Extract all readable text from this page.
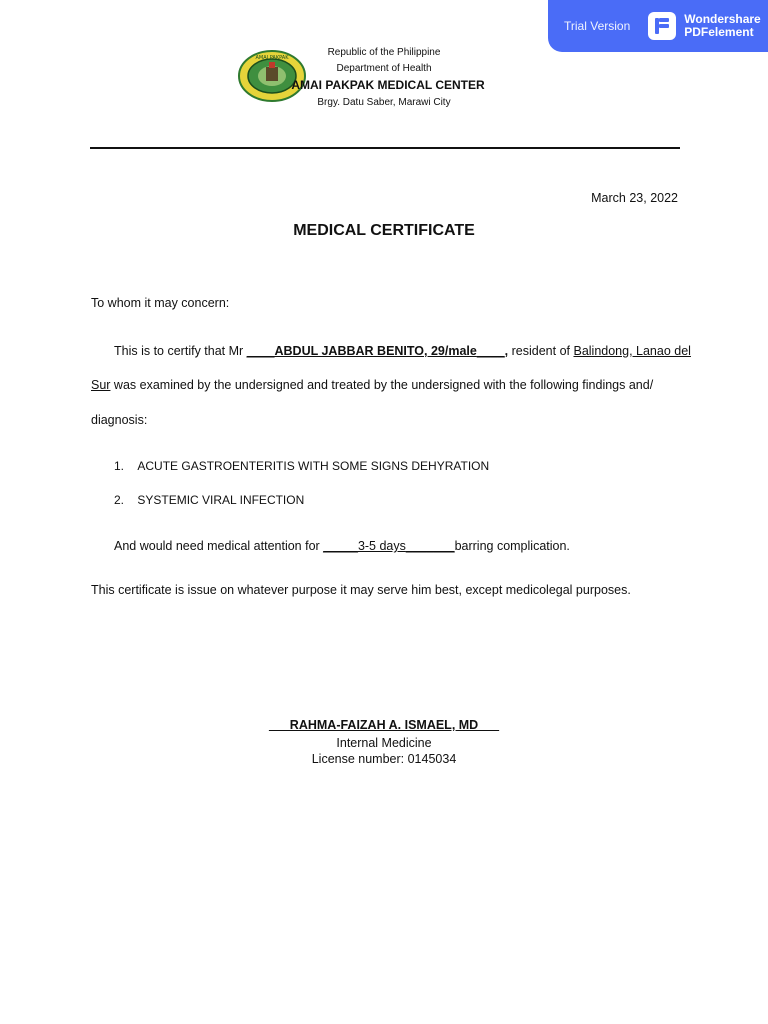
Trial Version	Wondershare
PDFelement
AMAI PAKPAK	Republic of the Philippine
Department of Health
AMAI PAKPAK MEDICAL CENTER
Brgy. Datu Saber, Marawi City
March 23, 2022
MEDICAL CERTIFICATE
To whom it may concern:
This is to certify that Mr ____ABDUL JABBAR BENITO, 29/male____, resident of Balindong, Lanao del
Sur was examined by the undersigned and treated by the undersigned with the following findings and/
diagnosis:
1. ACUTE GASTROENTERITIS WITH SOME SIGNS DEHYRATION
2. SYSTEMIC VIRAL INFECTION
And would need medical attention for _____3-5 days_______barring complication.
This certificate is issue on whatever purpose it may serve him best, except medicolegal purposes.
___RAHMA-FAIZAH A. ISMAEL, MD___
Internal Medicine
License number: 0145034
